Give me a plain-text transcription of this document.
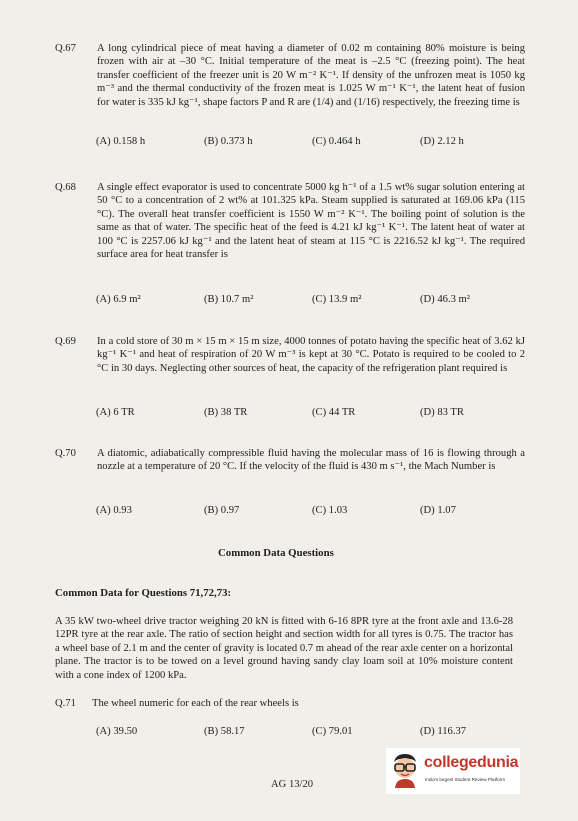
Q.67 A long cylindrical piece of meat having a diameter of 0.02 m containing 80% moisture is being frozen with air at –30 °C. Initial temperature of the meat is –2.5 °C (freezing point). The heat transfer coefficient of the freezer unit is 20 W m⁻² K⁻¹. If density of the unfrozen meat is 1050 kg m⁻³ and the thermal conductivity of the frozen meat is 1.025 W m⁻¹ K⁻¹, the latent heat of fusion for water is 335 kJ kg⁻¹, shape factors P and R are (1/4) and (1/16) respectively, the freezing time is
(A) 0.158 h	(B) 0.373 h	(C) 0.464 h	(D) 2.12 h
Q.68 A single effect evaporator is used to concentrate 5000 kg h⁻¹ of a 1.5 wt% sugar solution entering at 50 °C to a concentration of 2 wt% at 101.325 kPa. Steam supplied is saturated at 169.06 kPa (115 °C). The overall heat transfer coefficient is 1550 W m⁻² K⁻¹. The boiling point of solution is the same as that of water. The specific heat of the feed is 4.21 kJ kg⁻¹ K⁻¹. The latent heat of water at 100 °C is 2257.06 kJ kg⁻¹ and the latent heat of steam at 115 °C is 2216.52 kJ kg⁻¹. The required surface area for heat transfer is
(A) 6.9 m²	(B) 10.7 m²	(C) 13.9 m²	(D) 46.3 m²
Q.69 In a cold store of 30 m × 15 m × 15 m size, 4000 tonnes of potato having the specific heat of 3.62 kJ kg⁻¹ K⁻¹ and heat of respiration of 20 W m⁻³ is kept at 30 °C. Potato is required to be cooled to 2 °C in 30 days. Neglecting other sources of heat, the capacity of the refrigeration plant required is
(A) 6 TR	(B) 38 TR	(C) 44 TR	(D) 83 TR
Q.70 A diatomic, adiabatically compressible fluid having the molecular mass of 16 is flowing through a nozzle at a temperature of 20 °C. If the velocity of the fluid is 430 m s⁻¹, the Mach Number is
(A) 0.93	(B) 0.97	(C) 1.03	(D) 1.07
Common Data Questions
Common Data for Questions 71,72,73:
A 35 kW two-wheel drive tractor weighing 20 kN is fitted with 6-16 8PR tyre at the front axle and 13.6-28 12PR tyre at the rear axle. The ratio of section height and section width for all tyres is 0.75. The tractor has a wheel base of 2.1 m and the center of gravity is located 0.7 m ahead of the rear axle center on a horizontal plane. The tractor is to be towed on a level ground having sandy clay loam soil at 10% moisture content with a cone index of 1200 kPa.
Q.71 The wheel numeric for each of the rear wheels is
(A) 39.50	(B) 58.17	(C) 79.01	(D) 116.37
AG 13/20
collegedunia
India's largest Student Review Platform
